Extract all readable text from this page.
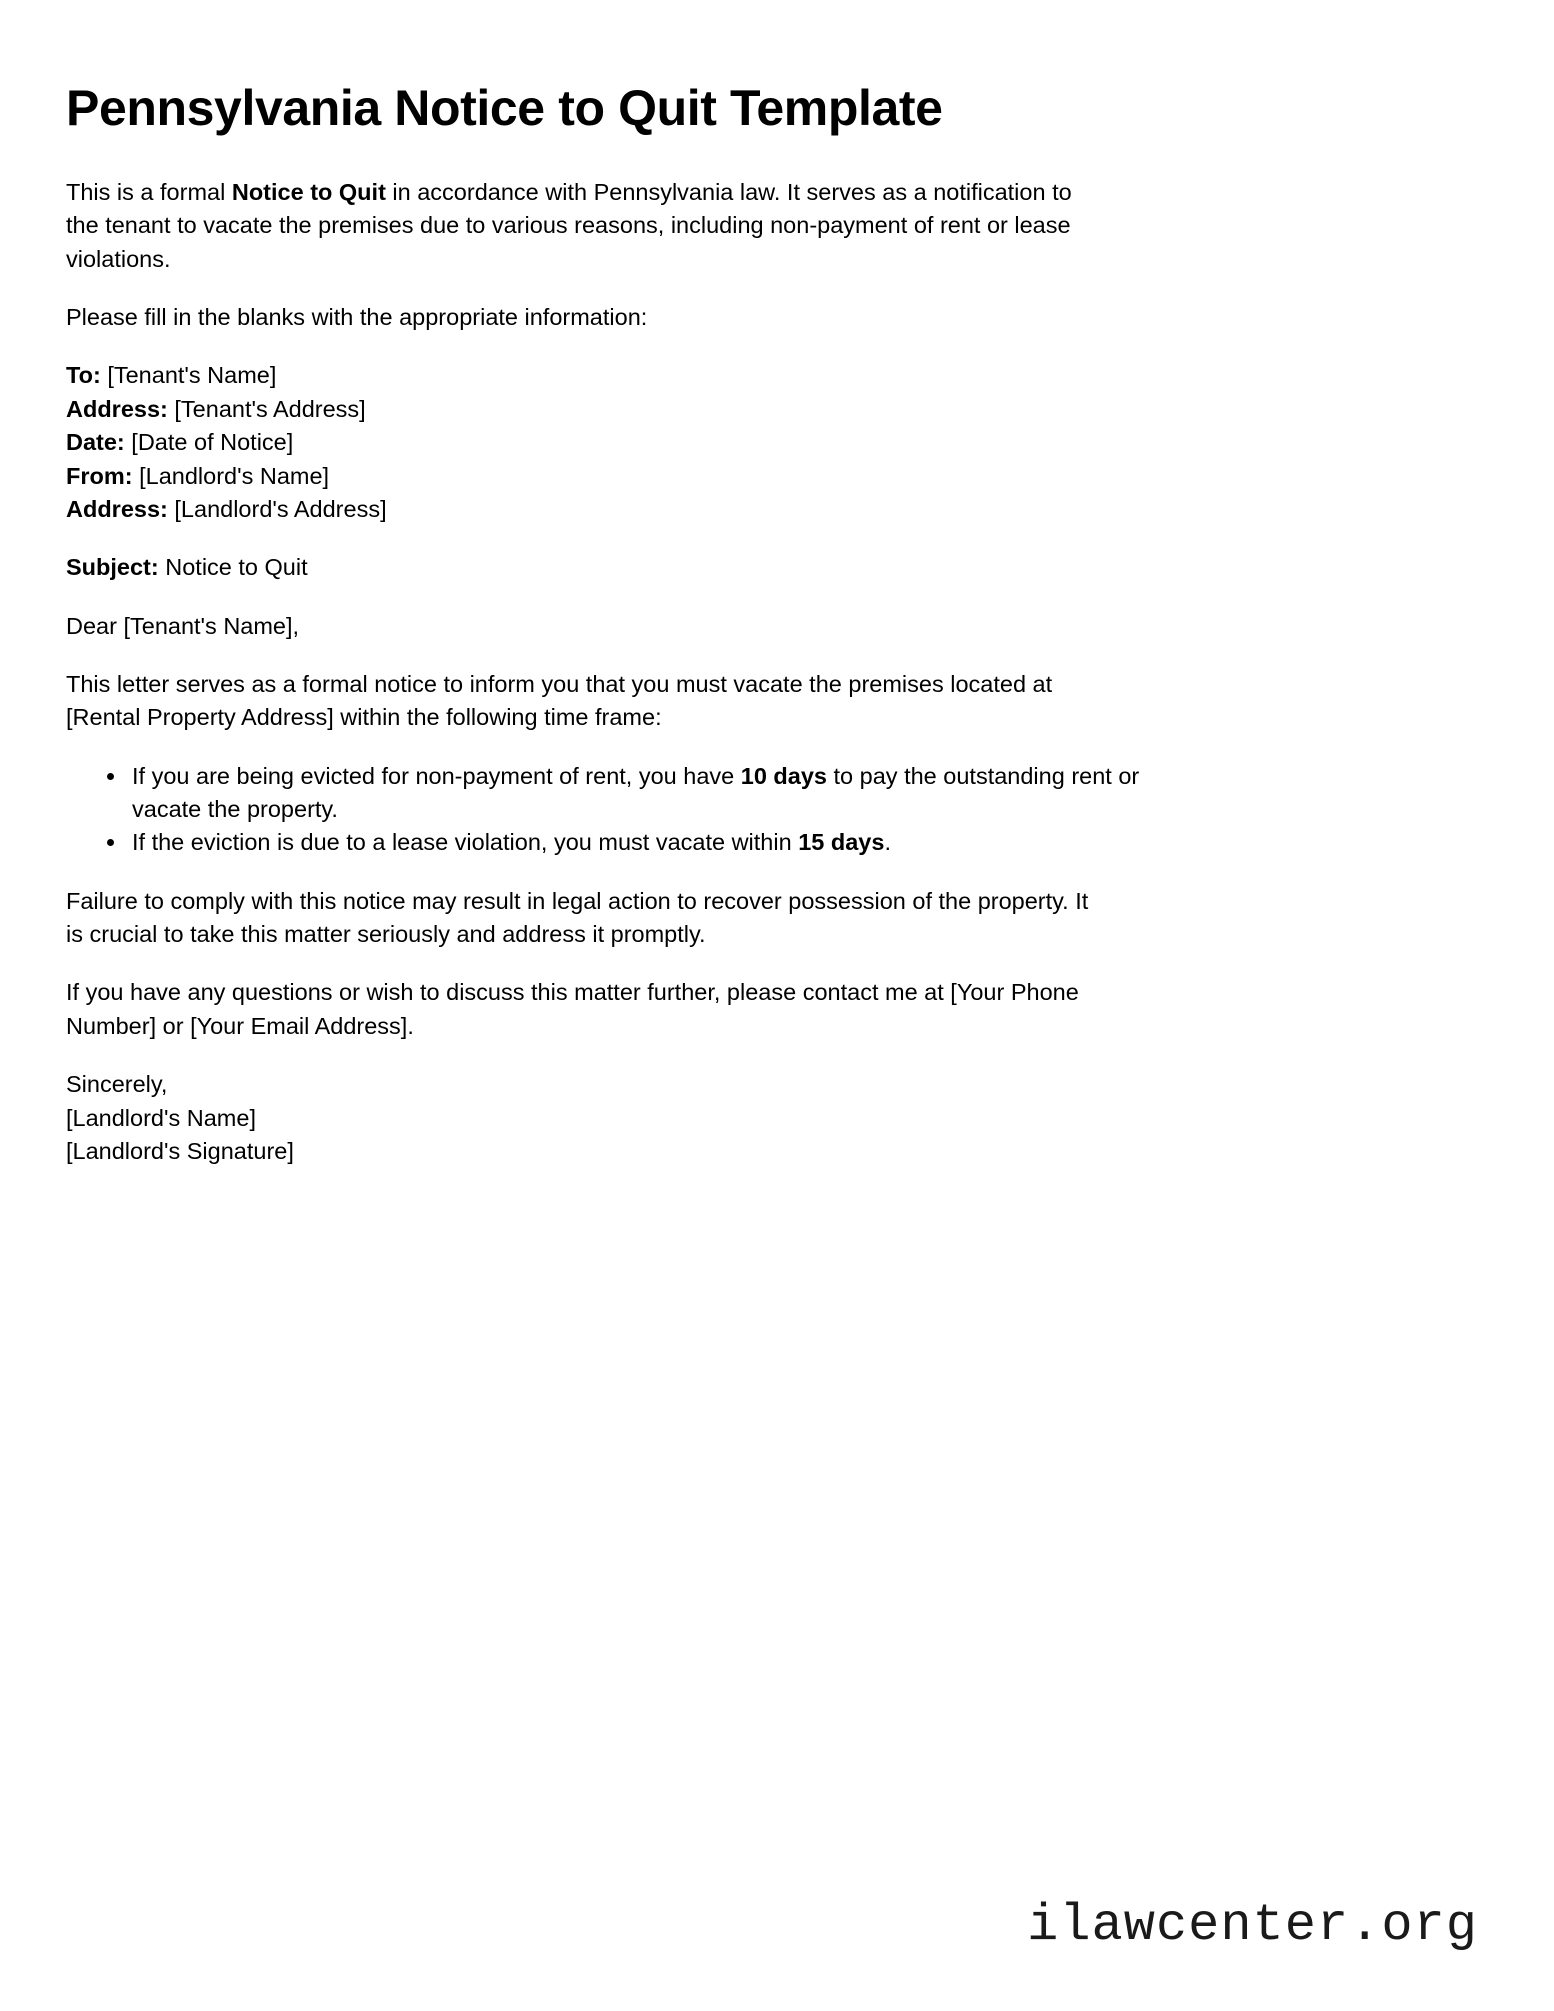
Pennsylvania Notice to Quit Template

This is a formal Notice to Quit in accordance with Pennsylvania law. It serves as a notification to the tenant to vacate the premises due to various reasons, including non-payment of rent or lease violations.

Please fill in the blanks with the appropriate information:

To: [Tenant's Name]
Address: [Tenant's Address]
Date: [Date of Notice]
From: [Landlord's Name]
Address: [Landlord's Address]

Subject: Notice to Quit

Dear [Tenant's Name],

This letter serves as a formal notice to inform you that you must vacate the premises located at [Rental Property Address] within the following time frame:

• If you are being evicted for non-payment of rent, you have 10 days to pay the outstanding rent or vacate the property.
• If the eviction is due to a lease violation, you must vacate within 15 days.

Failure to comply with this notice may result in legal action to recover possession of the property. It is crucial to take this matter seriously and address it promptly.

If you have any questions or wish to discuss this matter further, please contact me at [Your Phone Number] or [Your Email Address].

Sincerely,
[Landlord's Name]
[Landlord's Signature]
ilawcenter.org
